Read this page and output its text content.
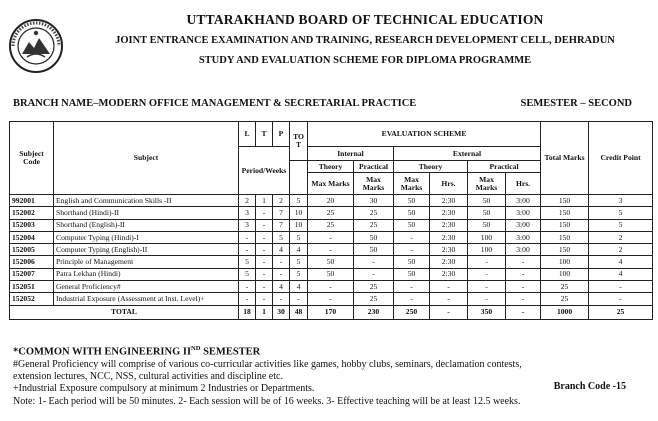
UTTARAKHAND BOARD OF TECHNICAL EDUCATION
JOINT ENTRANCE EXAMINATION AND TRAINING, RESEARCH DEVELOPMENT CELL, DEHRADUN
STUDY AND EVALUATION SCHEME FOR DIPLOMA PROGRAMME
BRANCH NAME–MODERN OFFICE MANAGEMENT & SECRETARIAL PRACTICE	SEMESTER – SECOND
Subject Code	Subject	L	T	P	TOT	EVALUATION SCHEME						Total Marks	Credit Point
		Period/Weeks				Internal		External					
						Theory	Practical	Theory		Practical			
						Max Marks	Max Marks	Max Marks	Hrs.	Max Marks	Hrs.		
992001	English and Communication Skills -II	2	1	2	5	20	30	50	2:30	50	3:00	150	3
152002	Shorthand (Hindi)-II	3	-	7	10	25	25	50	2:30	50	3:00	150	5
152003	Shorthand (English)-II	3	-	7	10	25	25	50	2:30	50	3:00	150	5
152004	Computer Typing (Hindi)-I	-	-	5	5	-	50	-	2:30	100	3:00	150	2
152005	Computer Typing (English)-II	-	-	4	4	-	50	-	2:30	100	3:00	150	2
152006	Principle of Management	5	-	-	5	50	-	50	2:30	-	-	100	4
152007	Patra Lekhan (Hindi)	5	-	-	5	50	-	50	2:30	-	-	100	4
152051	General Proficiency#	-	-	4	4	-	25	-	-	-	-	25	-
152052	Industrial Exposure (Assessment at Inst. Level)+	-	-	-	-	-	25	-	-	-	-	25	-
TOTAL		18	1	30	48	170	230	250	-	350	-	1000	25
*COMMON WITH ENGINEERING IIND SEMESTER
#General Proficiency will comprise of various co-curricular activities like games, hobby clubs, seminars, declamation contests,
extension lectures, NCC, NSS, cultural activities and discipline etc.
+Industrial Exposure compulsory at minimum 2 Industries or Departments.	Branch Code -15
Note: 1- Each period will be 50 minutes. 2- Each session will be of 16 weeks. 3- Effective teaching will be at least 12.5 weeks.
